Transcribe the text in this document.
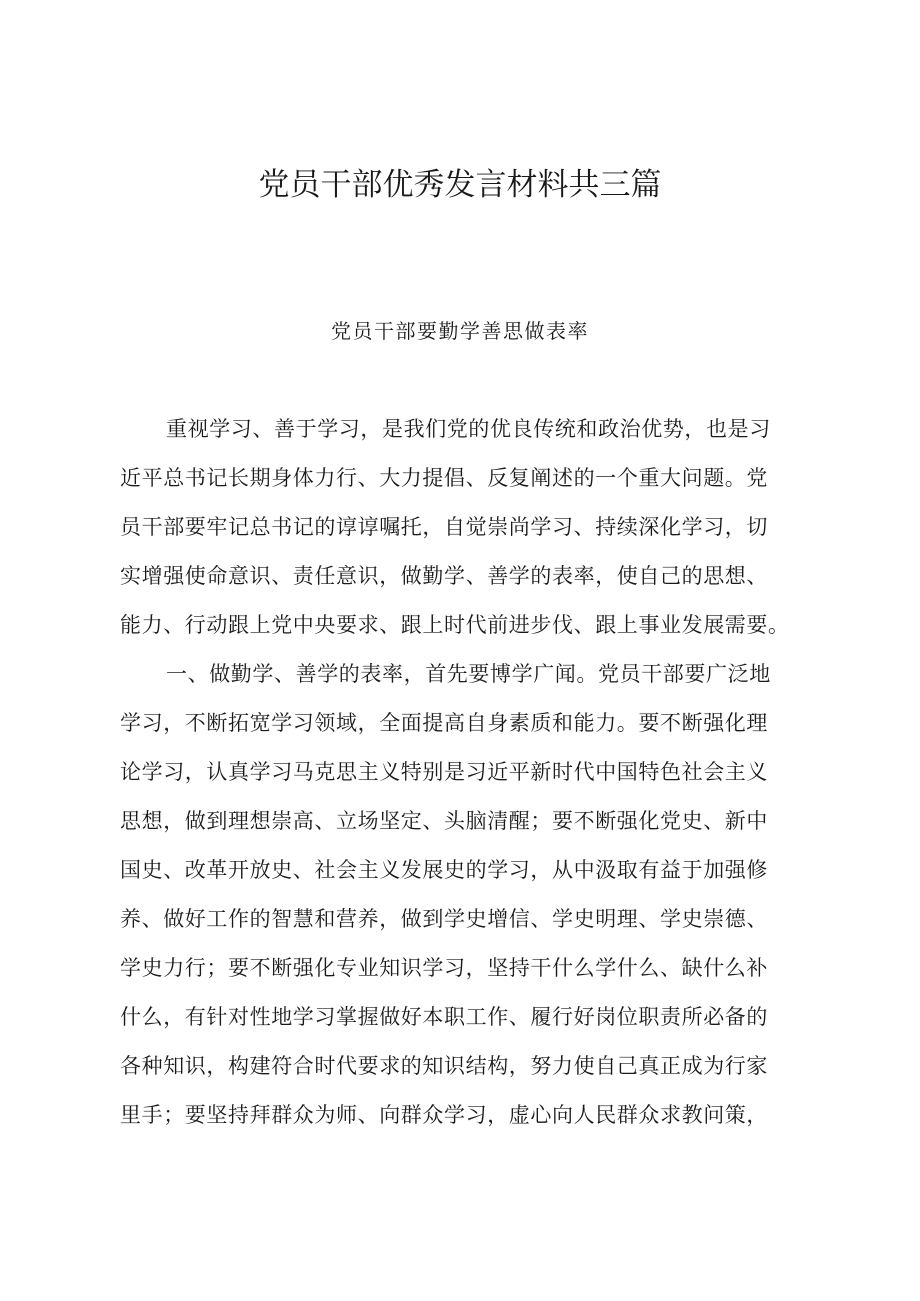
党员干部优秀发言材料共三篇
党员干部要勤学善思做表率
重视学习、善于学习，是我们党的优良传统和政治优势，也是习
近平总书记长期身体力行、大力提倡、反复阐述的一个重大问题。党
员干部要牢记总书记的谆谆嘱托，自觉崇尚学习、持续深化学习，切
实增强使命意识、责任意识，做勤学、善学的表率，使自己的思想、
能力、行动跟上党中央要求、跟上时代前进步伐、跟上事业发展需要。
一、做勤学、善学的表率，首先要博学广闻。党员干部要广泛地
学习，不断拓宽学习领域，全面提高自身素质和能力。要不断强化理
论学习，认真学习马克思主义特别是习近平新时代中国特色社会主义
思想，做到理想崇高、立场坚定、头脑清醒；要不断强化党史、新中
国史、改革开放史、社会主义发展史的学习，从中汲取有益于加强修
养、做好工作的智慧和营养，做到学史增信、学史明理、学史崇德、
学史力行；要不断强化专业知识学习，坚持干什么学什么、缺什么补
什么，有针对性地学习掌握做好本职工作、履行好岗位职责所必备的
各种知识，构建符合时代要求的知识结构，努力使自己真正成为行家
里手；要坚持拜群众为师、向群众学习，虚心向人民群众求教问策，
